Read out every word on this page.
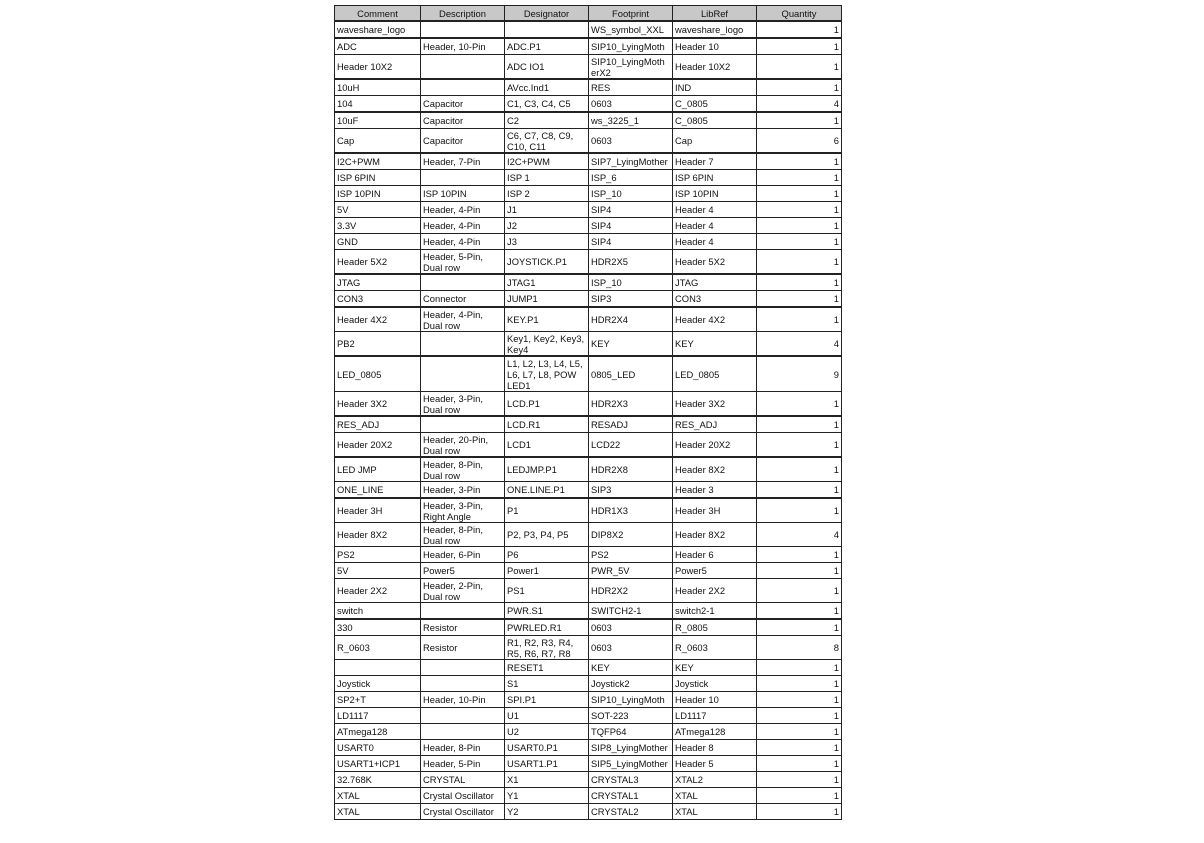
Comment	Description	Designator	Footprint	LibRef	Quantity
waveshare_logo			WS_symbol_XXL	waveshare_logo	1
ADC	Header, 10-Pin	ADC.P1	SIP10_LyingMoth	Header 10	1
Header 10X2		ADC IO1	SIP10_LyingMoth erX2	Header 10X2	1
10uH		AVcc.Ind1	RES	IND	1
104	Capacitor	C1, C3, C4, C5	0603	C_0805	4
10uF	Capacitor	C2	ws_3225_1	C_0805	1
Cap	Capacitor	C6, C7, C8, C9, C10, C11	0603	Cap	6
I2C+PWM	Header, 7-Pin	I2C+PWM	SIP7_LyingMother	Header 7	1
ISP 6PIN		ISP 1	ISP_6	ISP 6PIN	1
ISP 10PIN	ISP 10PIN	ISP 2	ISP_10	ISP 10PIN	1
5V	Header, 4-Pin	J1	SIP4	Header 4	1
3.3V	Header, 4-Pin	J2	SIP4	Header 4	1
GND	Header, 4-Pin	J3	SIP4	Header 4	1
Header 5X2	Header, 5-Pin, Dual row	JOYSTICK.P1	HDR2X5	Header 5X2	1
JTAG		JTAG1	ISP_10	JTAG	1
CON3	Connector	JUMP1	SIP3	CON3	1
Header 4X2	Header, 4-Pin, Dual row	KEY.P1	HDR2X4	Header 4X2	1
PB2		Key1, Key2, Key3, Key4	KEY	KEY	4
LED_0805		L1, L2, L3, L4, L5, L6, L7, L8, POW LED1	0805_LED	LED_0805	9
Header 3X2	Header, 3-Pin, Dual row	LCD.P1	HDR2X3	Header 3X2	1
RES_ADJ		LCD.R1	RESADJ	RES_ADJ	1
Header 20X2	Header, 20-Pin, Dual row	LCD1	LCD22	Header 20X2	1
LED JMP	Header, 8-Pin, Dual row	LEDJMP.P1	HDR2X8	Header 8X2	1
ONE_LINE	Header, 3-Pin	ONE.LINE.P1	SIP3	Header 3	1
Header 3H	Header, 3-Pin, Right Angle	P1	HDR1X3	Header 3H	1
Header 8X2	Header, 8-Pin, Dual row	P2, P3, P4, P5	DIP8X2	Header 8X2	4
PS2	Header, 6-Pin	P6	PS2	Header 6	1
5V	Power5	Power1	PWR_5V	Power5	1
Header 2X2	Header, 2-Pin, Dual row	PS1	HDR2X2	Header 2X2	1
switch		PWR.S1	SWITCH2-1	switch2-1	1
330	Resistor	PWRLED.R1	0603	R_0805	1
R_0603	Resistor	R1, R2, R3, R4, R5, R6, R7, R8	0603	R_0603	8
		RESET1	KEY	KEY	1
Joystick		S1	Joystick2	Joystick	1
SP2+T	Header, 10-Pin	SPI.P1	SIP10_LyingMoth	Header 10	1
LD1117		U1	SOT-223	LD1117	1
ATmega128		U2	TQFP64	ATmega128	1
USART0	Header, 8-Pin	USART0.P1	SIP8_LyingMother	Header 8	1
USART1+ICP1	Header, 5-Pin	USART1.P1	SIP5_LyingMother	Header 5	1
32.768K	CRYSTAL	X1	CRYSTAL3	XTAL2	1
XTAL	Crystal Oscillator	Y1	CRYSTAL1	XTAL	1
XTAL	Crystal Oscillator	Y2	CRYSTAL2	XTAL	1
